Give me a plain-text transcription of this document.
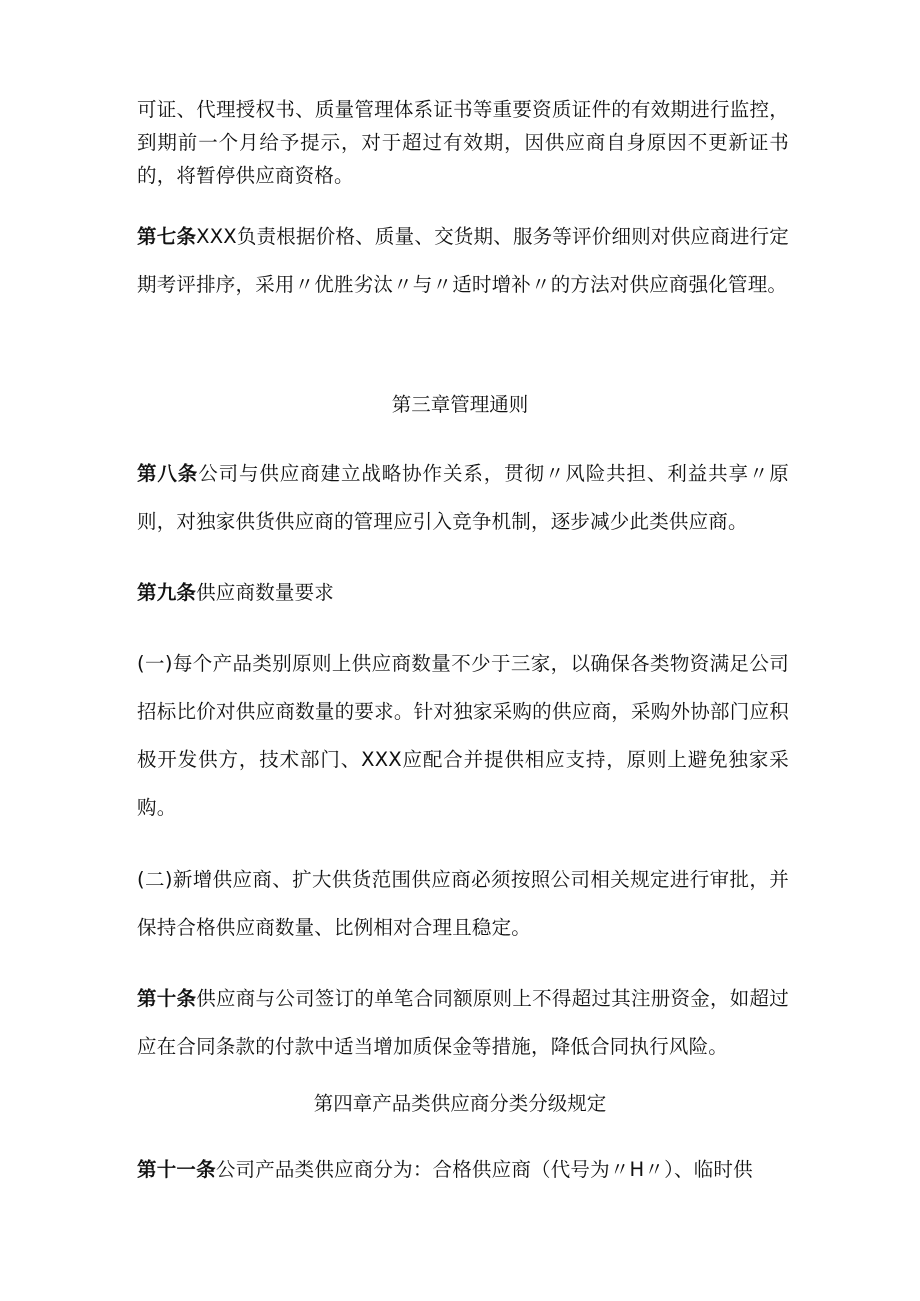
可证、代理授权书、质量管理体系证书等重要资质证件的有效期进行监控，到期前一个月给予提示，对于超过有效期，因供应商自身原因不更新证书的，将暂停供应商资格。

第七条XXX负责根据价格、质量、交货期、服务等评价细则对供应商进行定期考评排序，采用〃优胜劣汰〃与〃适时增补〃的方法对供应商强化管理。

第三章管理通则

第八条公司与供应商建立战略协作关系，贯彻〃风险共担、利益共享〃原则，对独家供货供应商的管理应引入竞争机制，逐步减少此类供应商。

第九条供应商数量要求

(一)每个产品类别原则上供应商数量不少于三家，以确保各类物资满足公司招标比价对供应商数量的要求。针对独家采购的供应商，采购外协部门应积极开发供方，技术部门、XXX应配合并提供相应支持，原则上避免独家采购。

(二)新增供应商、扩大供货范围供应商必须按照公司相关规定进行审批，并保持合格供应商数量、比例相对合理且稳定。

第十条供应商与公司签订的单笔合同额原则上不得超过其注册资金，如超过应在合同条款的付款中适当增加质保金等措施，降低合同执行风险。

第四章产品类供应商分类分级规定

第十一条公司产品类供应商分为：合格供应商（代号为〃H〃）、临时供
